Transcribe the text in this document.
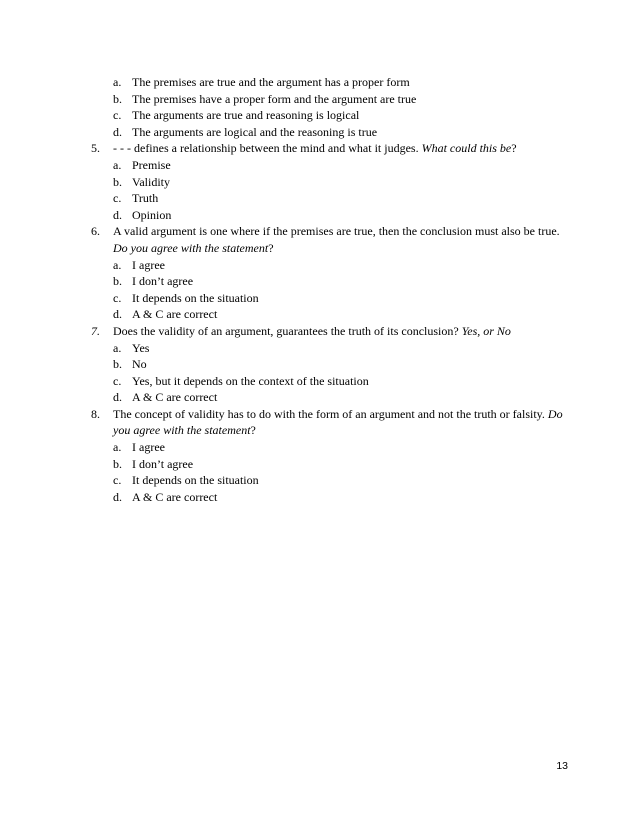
a. The premises are true and the argument has a proper form
b. The premises have a proper form and the argument are true
c. The arguments are true and reasoning is logical
d. The arguments are logical and the reasoning is true
5. - - - defines a relationship between the mind and what it judges. What could this be?
a. Premise
b. Validity
c. Truth
d. Opinion
6. A valid argument is one where if the premises are true, then the conclusion must also be true. Do you agree with the statement?
a. I agree
b. I don’t agree
c. It depends on the situation
d. A & C are correct
7. Does the validity of an argument, guarantees the truth of its conclusion? Yes, or No
a. Yes
b. No
c. Yes, but it depends on the context of the situation
d. A & C are correct
8. The concept of validity has to do with the form of an argument and not the truth or falsity. Do you agree with the statement?
a. I agree
b. I don’t agree
c. It depends on the situation
d. A & C are correct
13
